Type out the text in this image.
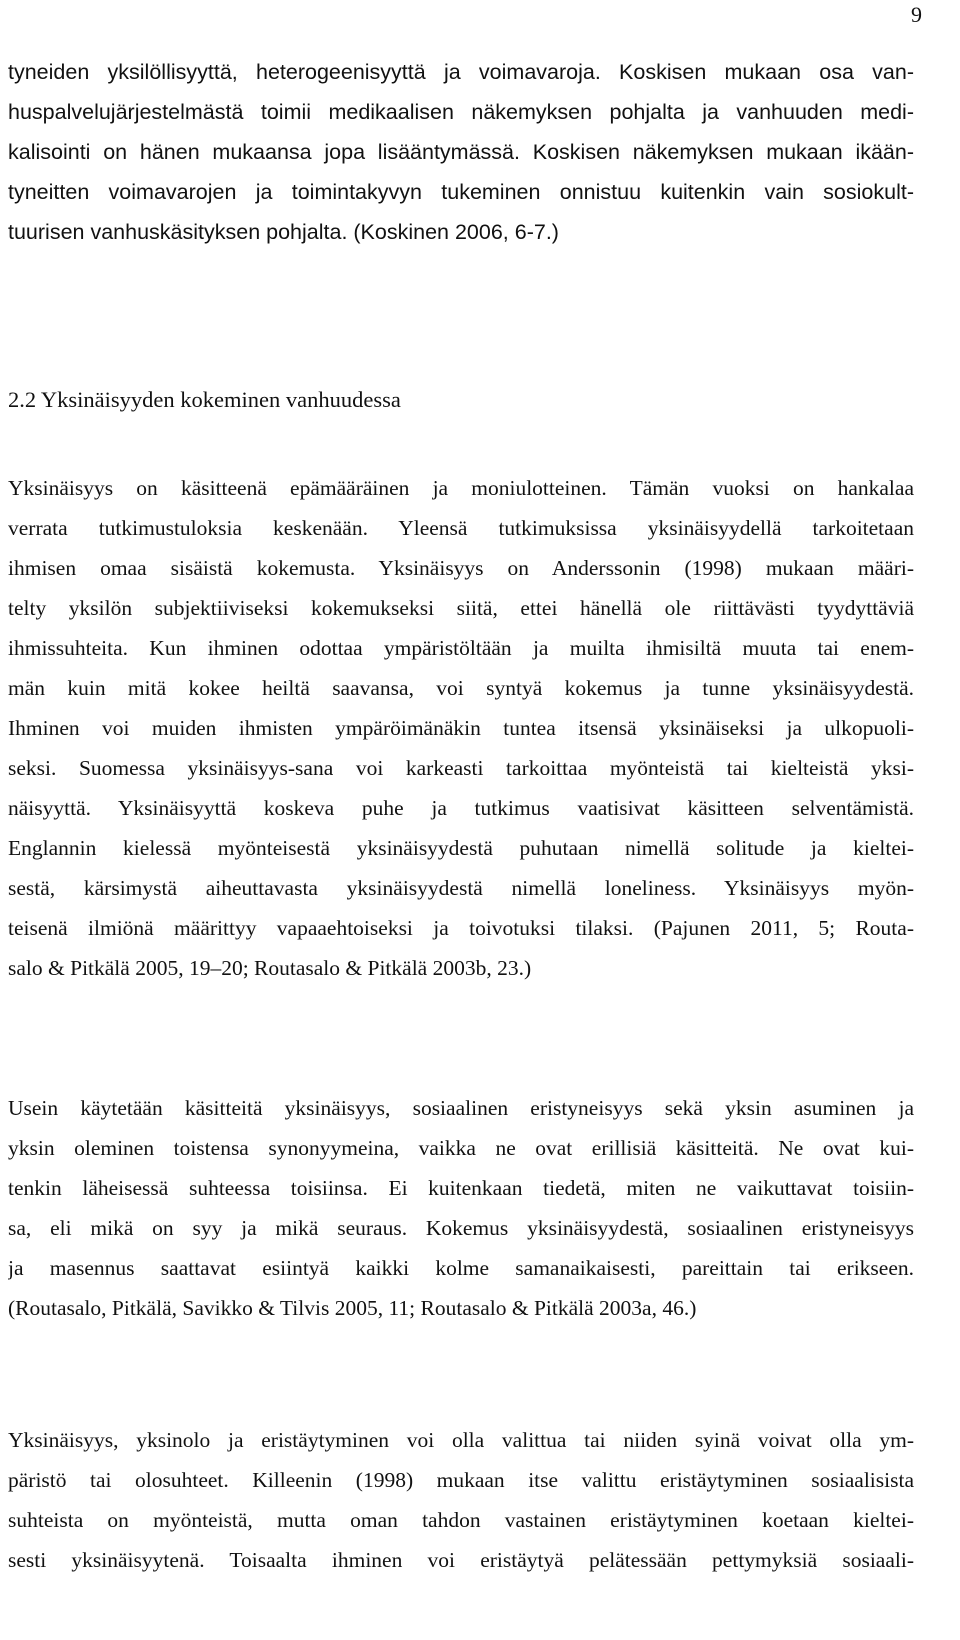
9
tyneiden yksilöllisyyttä, heterogeenisyyttä ja voimavaroja. Koskisen mukaan osa van-
huspalvelujärjestelmästä toimii medikaalisen näkemyksen pohjalta ja vanhuuden medi-
kalisointi on hänen mukaansa jopa lisääntymässä. Koskisen näkemyksen mukaan ikään-
tyneitten voimavarojen ja toimintakyvyn tukeminen onnistuu kuitenkin vain sosiokult-
tuurisen vanhuskäsityksen pohjalta. (Koskinen 2006, 6-7.)
2.2 Yksinäisyyden kokeminen vanhuudessa
Yksinäisyys on käsitteenä epämääräinen ja moniulotteinen. Tämän vuoksi on hankalaa
verrata tutkimustuloksia keskenään. Yleensä tutkimuksissa yksinäisyydellä tarkoitetaan
ihmisen omaa sisäistä kokemusta. Yksinäisyys on Anderssonin (1998) mukaan määri-
telty yksilön subjektiiviseksi kokemukseksi siitä, ettei hänellä ole riittävästi tyydyttäviä
ihmissuhteita. Kun ihminen odottaa ympäristöltään ja muilta ihmisiltä muuta tai enem-
män kuin mitä kokee heiltä saavansa, voi syntyä kokemus ja tunne yksinäisyydestä.
Ihminen voi muiden ihmisten ympäröimänäkin tuntea itsensä yksinäiseksi ja ulkopuoli-
seksi. Suomessa yksinäisyys-sana voi karkeasti tarkoittaa myönteistä tai kielteistä yksi-
näisyyttä. Yksinäisyyttä koskeva puhe ja tutkimus vaatisivat käsitteen selventämistä.
Englannin kielessä myönteisestä yksinäisyydestä puhutaan nimellä solitude ja kieltei-
sestä, kärsimystä aiheuttavasta yksinäisyydestä nimellä loneliness. Yksinäisyys myön-
teisenä ilmiönä määrittyy vapaaehtoiseksi ja toivotuksi tilaksi. (Pajunen 2011, 5; Routa-
salo & Pitkälä 2005, 19‒20; Routasalo & Pitkälä 2003b, 23.)
Usein käytetään käsitteitä yksinäisyys, sosiaalinen eristyneisyys sekä yksin asuminen ja
yksin oleminen toistensa synonyymeina, vaikka ne ovat erillisiä käsitteitä. Ne ovat kui-
tenkin läheisessä suhteessa toisiinsa. Ei kuitenkaan tiedetä, miten ne vaikuttavat toisiin-
sa, eli mikä on syy ja mikä seuraus. Kokemus yksinäisyydestä, sosiaalinen eristyneisyys
ja masennus saattavat esiintyä kaikki kolme samanaikaisesti, pareittain tai erikseen.
(Routasalo, Pitkälä, Savikko & Tilvis 2005, 11; Routasalo & Pitkälä 2003a, 46.)
Yksinäisyys, yksinolo ja eristäytyminen voi olla valittua tai niiden syinä voivat olla ym-
päristö tai olosuhteet. Killeenin (1998) mukaan itse valittu eristäytyminen sosiaalisista
suhteista on myönteistä, mutta oman tahdon vastainen eristäytyminen koetaan kieltei-
sesti yksinäisyytenä. Toisaalta ihminen voi eristäytyä pelätessään pettymyksiä sosiaali-
